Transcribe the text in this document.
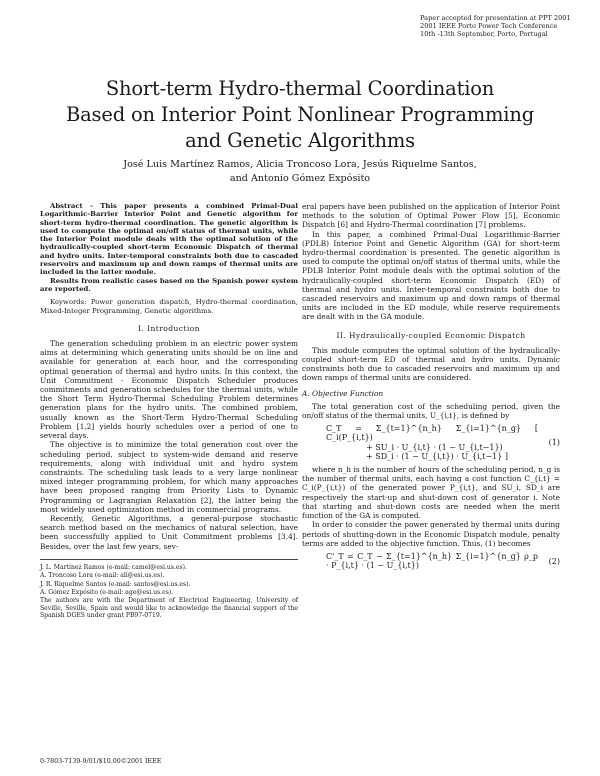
Paper accepted for presentation at PPT 2001
2001 IEEE Porto Power Tech Conference
10th -13th September, Porto, Portugal
Short-term Hydro-thermal Coordination
Based on Interior Point Nonlinear Programming
and Genetic Algorithms
José Luis Martínez Ramos, Alicia Troncoso Lora, Jesús Riquelme Santos,
and Antonio Gómez Expósito

Abstract - This paper presents a combined Primal-Dual Logarithmic-Barrier Interior Point and Genetic algorithm for short-term hydro-thermal coordination. The genetic algorithm is used to compute the optimal on/off status of thermal units, while the Interior Point module deals with the optimal solution of the hydraulically-coupled short-term Economic Dispatch of thermal and hydro units. Inter-temporal constraints both due to cascaded reservoirs and maximum up and down ramps of thermal units are included in the latter module.

Results from realistic cases based on the Spanish power system are reported.

Keywords: Power generation dispatch, Hydro-thermal coordination, Mixed-Integer Programming, Genetic algorithms.

I. Introduction

The generation scheduling problem in an electric power system aims at determining which generating units should be on line and available for generation at each hour, and the corresponding optimal generation of thermal and hydro units. In this context, the Unit Commitment - Economic Dispatch Scheduler produces commitments and generation schedules for the thermal units, while the Short Term Hydro-Thermal Scheduling Problem determines generation plans for the hydro units. The combined problem, usually known as the Short-Term Hydro-Thermal Scheduling Problem [1,2] yields hourly schedules over a period of one to several days.

The objective is to minimize the total generation cost over the scheduling period, subject to system-wide demand and reserve requirements, along with individual unit and hydro system constraints. The scheduling task leads to a very large nonlinear mixed integer programming problem, for which many approaches have been proposed ranging from Priority Lists to Dynamic Programming or Lagrangian Relaxation [2], the latter being the most widely used optimization method in commercial programs.

Recently, Genetic Algorithms, a general-purpose stochastic search method based on the mechanics of natural selection, have been successfully applied to Unit Commitment problems [3,4]. Besides, over the last few years, sev-

J. L. Martínez Ramos (e-mail: camel@esi.us.es).
A. Troncoso Lora (e-mail: ali@esi.us.es).
J. R. Riquelme Santos (e-mail: santos@esi.us.es).
A. Gómez Expósito (e-mail: age@esi.us.es).
The authors are with the Department of Electrical Engineering, University of Seville, Seville, Spain and would like to acknowledge the financial support of the Spanish DGES under grant PB97-0719.

eral papers have been published on the application of Interior Point methods to the solution of Optimal Power Flow [5], Economic Dispatch [6] and Hydro-Thermal coordination [7] problems.

In this paper, a combined Primal-Dual Logarithmic-Barrier (PDLB) Interior Point and Genetic Algorithm (GA) for short-term hydro-thermal coordination is presented. The genetic algorithm is used to compute the optimal on/off status of thermal units, while the PDLB Interior Point module deals with the optimal solution of the hydraulically-coupled short-term Economic Dispatch (ED) of thermal and hydro units. Inter-temporal constraints both due to cascaded reservoirs and maximum up and down ramps of thermal units are included in the ED module, while reserve requirements are dealt with in the GA module.

II. Hydraulically-coupled Economic Dispatch

This module computes the optimal solution of the hydraulically-coupled short-term ED of thermal and hydro units. Dynamic constraints both due to cascaded reservoirs and maximum up and down ramps of thermal units are considered.

A. Objective Function

The total generation cost of the scheduling period, given the on/off status of the thermal units, U_{i,t}, is defined by

C_T = Σ_{t=1}^{n_h} Σ_{i=1}^{n_g} [ C_i(P_{i,t})
+ SU_i · U_{i,t} · (1 − U_{i,t−1})
+ SD_i · (1 − U_{i,t}) · U_{i,t−1} ]
(1)

where n_h is the number of hours of the scheduling period, n_g is the number of thermal units, each having a cost function C_{i,t} = C_i(P_{i,t}) of the generated power P_{i,t}, and SU_i, SD_i are respectively the start-up and shut-down cost of generator i. Note that starting and shut-down costs are needed when the merit function of the GA is computed.

In order to consider the power generated by thermal units during periods of shutting-down in the Economic Dispatch module, penalty terms are added to the objective function. Thus, (1) becomes

C'_T = C_T − Σ_{t=1}^{n_h} Σ_{i=1}^{n_g} ρ_p · P_{i,t} · (1 − U_{i,t})
(2)
0-7803-7139-9/01/$10.00©2001 IEEE
